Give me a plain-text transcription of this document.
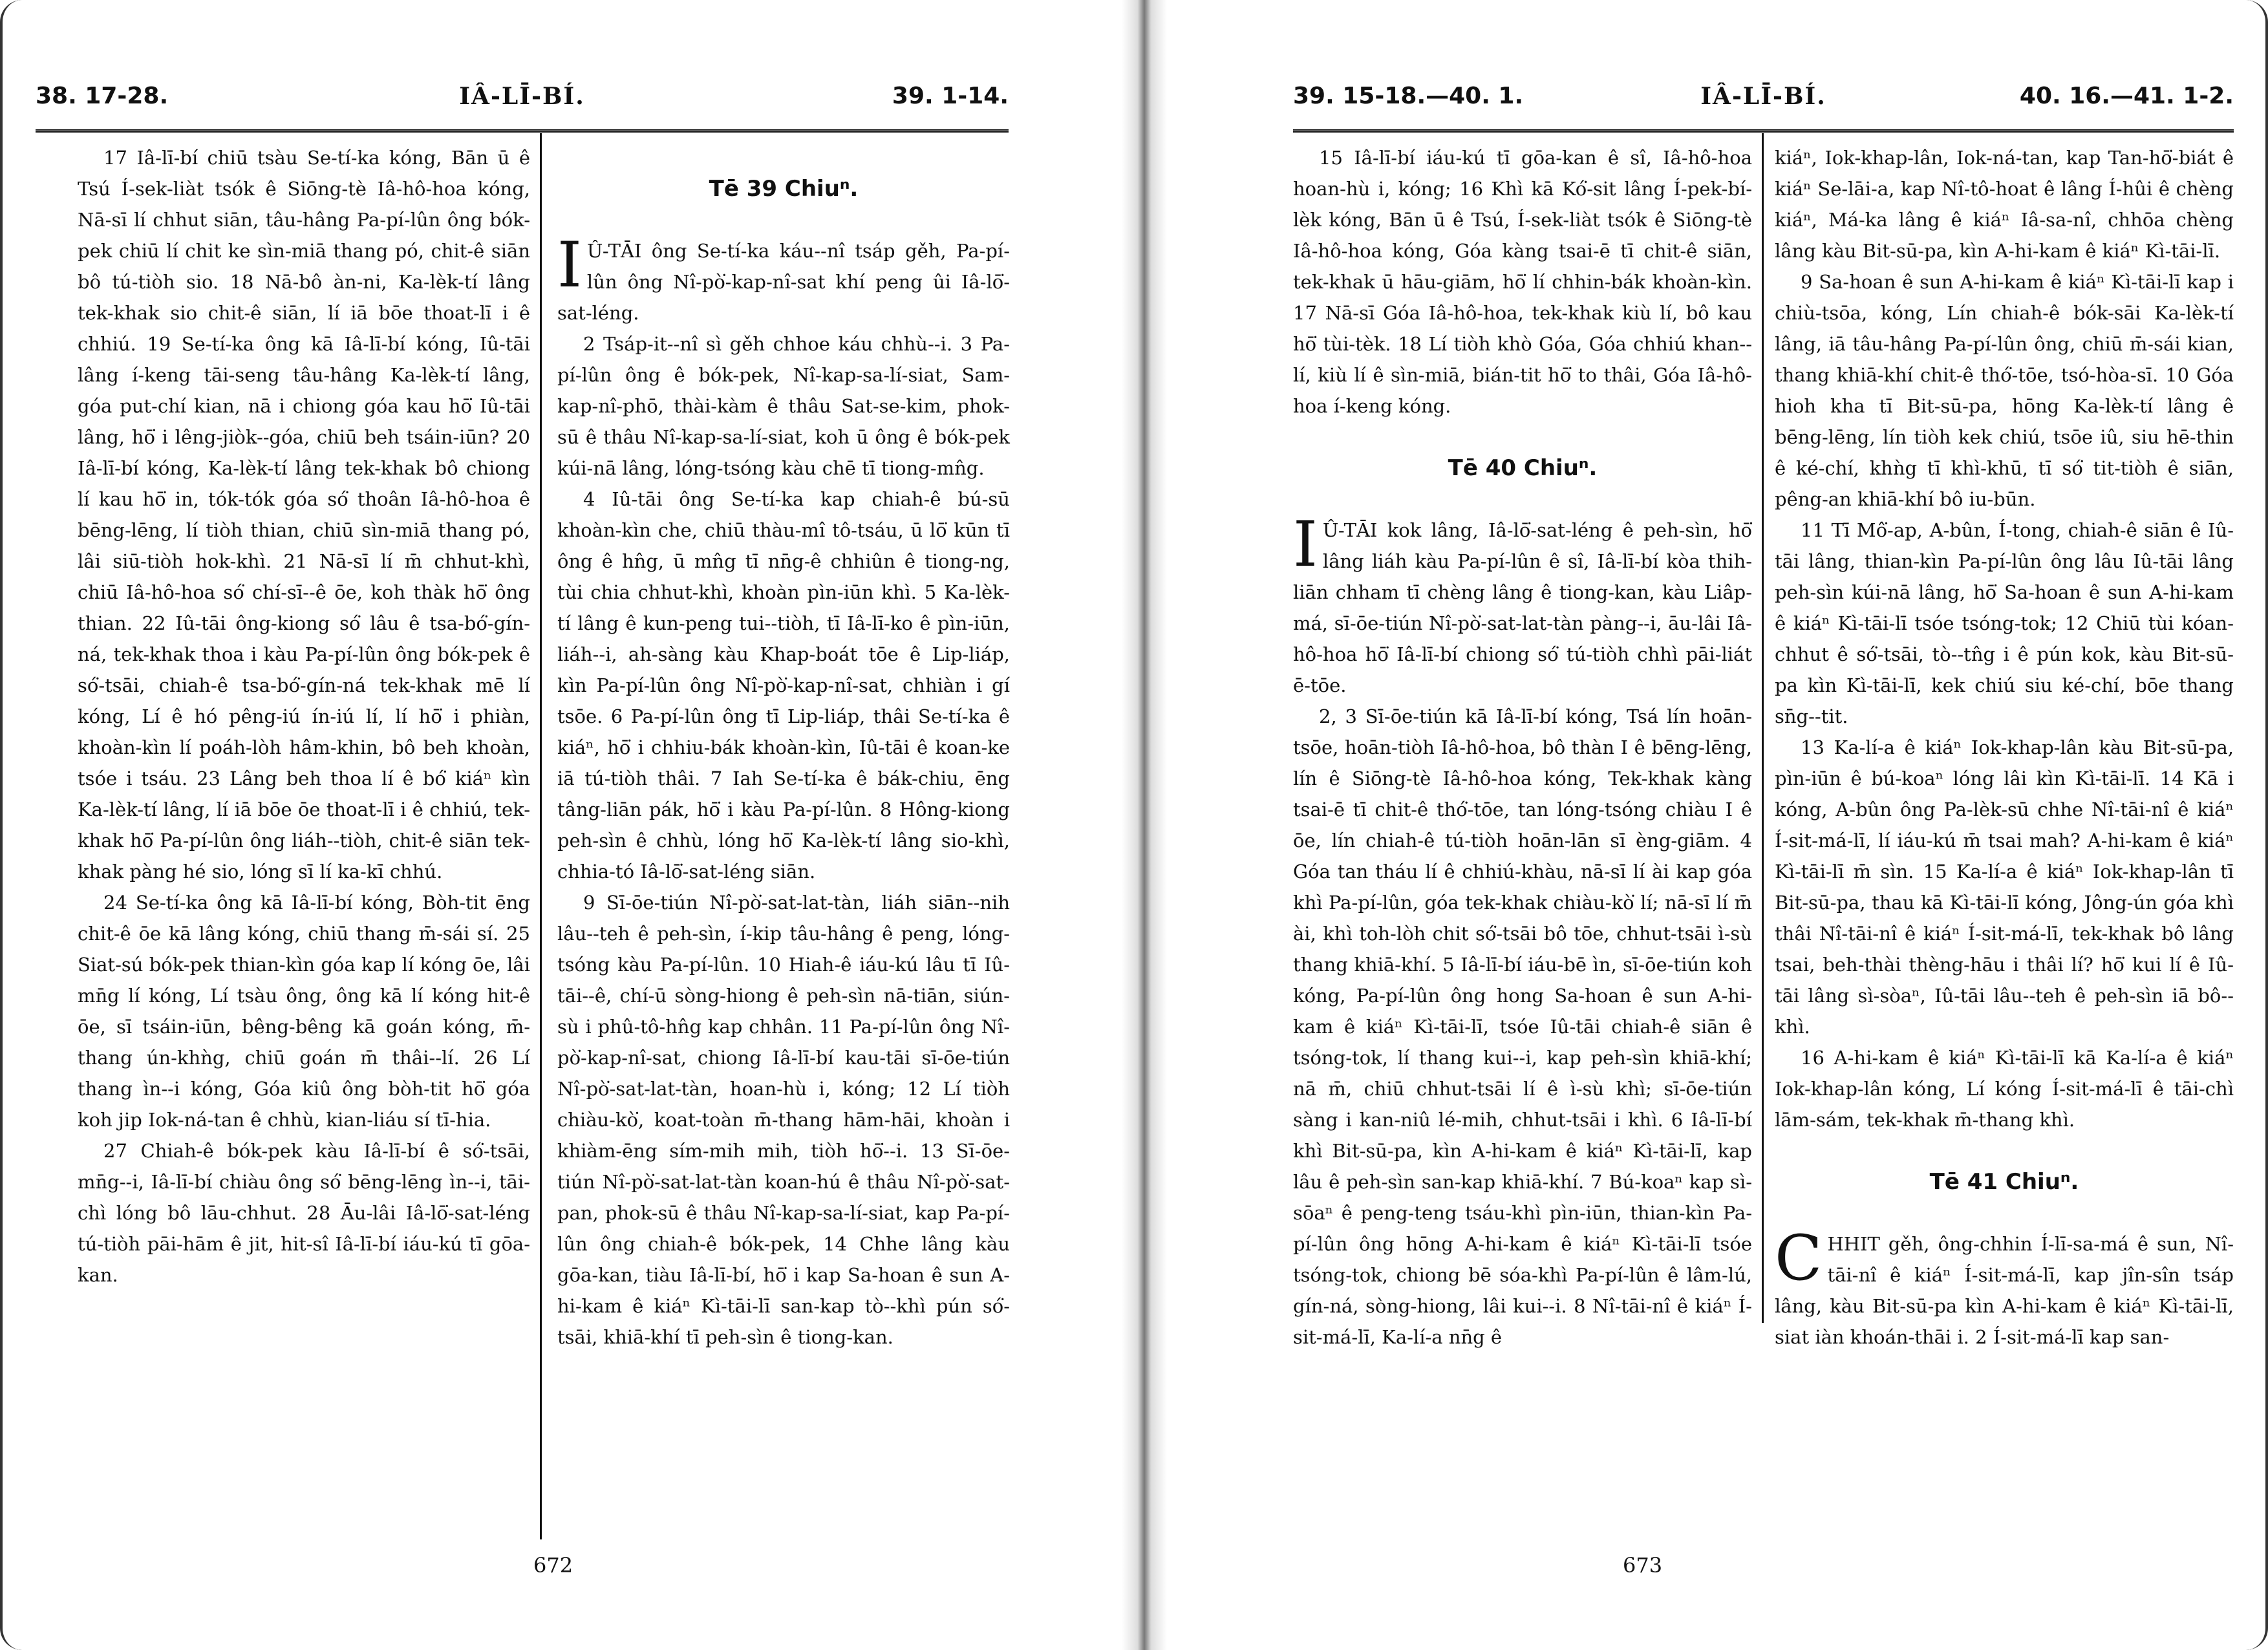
38. 17-28.	IÂ-LĪ-BÍ.	39. 1-14.

17 Iâ-lī-bí chiū tsàu Se-tí-ka kóng, Bān ū ê Tsú Í-sek-liàt tsók ê Siōng-tè Iâ-hô-hoa kóng, Nā-sī lí chhut siān, tâu-hâng Pa-pí-lûn ông bók-pek chiū lí chit ke sìn-miā thang pó, chit-ê siān bô tú-tiòh sio. 18 Nā-bô àn-ni, Ka-lèk-tí lâng tek-khak sio chit-ê siān, lí iā bōe thoat-lī i ê chhiú. 19 Se-tí-ka ông kā Iâ-lī-bí kóng, Iû-tāi lâng í-keng tāi-seng tâu-hâng Ka-lèk-tí lâng, góa put-chí kian, nā i chiong góa kau hō͘ Iû-tāi lâng, hō͘ i lêng-jiòk--góa, chiū beh tsáin-iūn? 20 Iâ-lī-bí kóng, Ka-lèk-tí lâng tek-khak bô chiong lí kau hō͘ in, tók-tók góa só͘ thoân Iâ-hô-hoa ê bēng-lēng, lí tiòh thian, chiū sìn-miā thang pó, lâi siū-tiòh hok-khì. 21 Nā-sī lí m̄ chhut-khì, chiū Iâ-hô-hoa só͘ chí-sī--ê ōe, koh thàk hō͘ ông thian. 22 Iû-tāi ông-kiong só͘ lâu ê tsa-bó͘-gín-ná, tek-khak thoa i kàu Pa-pí-lûn ông bók-pek ê só͘-tsāi, chiah-ê tsa-bó͘-gín-ná tek-khak mē lí kóng, Lí ê hó pêng-iú ín-iú lí, lí hō͘ i phiàn, khoàn-kìn lí poáh-lòh hâm-khin, bô beh khoàn, tsóe i tsáu. 23 Lâng beh thoa lí ê bó͘ kiáⁿ kìn Ka-lèk-tí lâng, lí iā bōe ōe thoat-lī i ê chhiú, tek-khak hō͘ Pa-pí-lûn ông liáh--tiòh, chit-ê siān tek-khak pàng hé sio, lóng sī lí ka-kī chhú.

24 Se-tí-ka ông kā Iâ-lī-bí kóng, Bòh-tit ēng chit-ê ōe kā lâng kóng, chiū thang m̄-sái sí. 25 Siat-sú bók-pek thian-kìn góa kap lí kóng ōe, lâi mn̄g lí kóng, Lí tsàu ông, ông kā lí kóng hit-ê ōe, sī tsáin-iūn, bêng-bêng kā goán kóng, m̄-thang ún-khǹg, chiū goán m̄ thâi--lí. 26 Lí thang ìn--i kóng, Góa kiû ông bòh-tit hō͘ góa koh jip Iok-ná-tan ê chhù, kian-liáu sí tī-hia.

27 Chiah-ê bók-pek kàu Iâ-lī-bí ê só͘-tsāi, mn̄g--i, Iâ-lī-bí chiàu ông só͘ bēng-lēng ìn--i, tāi-chì lóng bô lāu-chhut. 28 Āu-lâi Iâ-lō͘-sat-léng tú-tiòh pāi-hām ê jit, hit-sî Iâ-lī-bí iáu-kú tī gōa-kan.

Tē 39 Chiuⁿ.

I Û-TĀI ông Se-tí-ka káu--nî tsáp gěh, Pa-pí-lûn ông Nî-pò͘-kap-nî-sat khí peng ûi Iâ-lō͘-sat-léng.

2 Tsáp-it--nî sì gěh chhoe káu chhù--i. 3 Pa-pí-lûn ông ê bók-pek, Nî-kap-sa-lí-siat, Sam-kap-nî-phō, thài-kàm ê thâu Sat-se-kim, phok-sū ê thâu Nî-kap-sa-lí-siat, koh ū ông ê bók-pek kúi-nā lâng, lóng-tsóng kàu chē tī tiong-mn̂g.

4 Iû-tāi ông Se-tí-ka kap chiah-ê bú-sū khoàn-kìn che, chiū thàu-mî tô-tsáu, ū lō͘ kūn tī ông ê hn̂g, ū mn̂g tī nn̄g-ê chhiûn ê tiong-ng, tùi chia chhut-khì, khoàn pìn-iūn khì. 5 Ka-lèk-tí lâng ê kun-peng tui--tiòh, tī Iâ-lī-ko ê pìn-iūn, liáh--i, ah-sàng kàu Khap-boát tōe ê Lip-liáp, kìn Pa-pí-lûn ông Nî-pò͘-kap-nî-sat, chhiàn i gí tsōe. 6 Pa-pí-lûn ông tī Lip-liáp, thâi Se-tí-ka ê kiáⁿ, hō͘ i chhiu-bák khoàn-kìn, Iû-tāi ê koan-ke iā tú-tiòh thâi. 7 Iah Se-tí-ka ê bák-chiu, ēng tâng-liān pák, hō͘ i kàu Pa-pí-lûn. 8 Hông-kiong peh-sìn ê chhù, lóng hō͘ Ka-lèk-tí lâng sio-khì, chhia-tó Iâ-lō͘-sat-léng siān.

9 Sī-ōe-tiún Nî-pò͘-sat-lat-tàn, liáh siān--nih lâu--teh ê peh-sìn, í-kip tâu-hâng ê peng, lóng-tsóng kàu Pa-pí-lûn. 10 Hiah-ê iáu-kú lâu tī Iû-tāi--ê, chí-ū sòng-hiong ê peh-sìn nā-tiān, siún-sù i phû-tô-hn̂g kap chhân. 11 Pa-pí-lûn ông Nî-pò͘-kap-nî-sat, chiong Iâ-lī-bí kau-tāi sī-ōe-tiún Nî-pò͘-sat-lat-tàn, hoan-hù i, kóng; 12 Lí tiòh chiàu-kò͘, koat-toàn m̄-thang hām-hāi, khoàn i khiàm-ēng sím-mih mih, tiòh hō͘--i. 13 Sī-ōe-tiún Nî-pò͘-sat-lat-tàn koan-hú ê thâu Nî-pò͘-sat-pan, phok-sū ê thâu Nî-kap-sa-lí-siat, kap Pa-pí-lûn ông chiah-ê bók-pek, 14 Chhe lâng kàu gōa-kan, tiàu Iâ-lī-bí, hō͘ i kap Sa-hoan ê sun A-hi-kam ê kiáⁿ Kì-tāi-lī san-kap tò--khì pún só͘-tsāi, khiā-khí tī peh-sìn ê tiong-kan.

672
39. 15-18.—40. 1.	IÂ-LĪ-BÍ.	40. 16.—41. 1-2.

15 Iâ-lī-bí iáu-kú tī gōa-kan ê sî, Iâ-hô-hoa hoan-hù i, kóng; 16 Khì kā Kó͘-sit lâng Í-pek-bí-lèk kóng, Bān ū ê Tsú, Í-sek-liàt tsók ê Siōng-tè Iâ-hô-hoa kóng, Góa kàng tsai-ē tī chit-ê siān, tek-khak ū hāu-giām, hō͘ lí chhin-bák khoàn-kìn. 17 Nā-sī Góa Iâ-hô-hoa, tek-khak kiù lí, bô kau hō͘ tùi-tèk. 18 Lí tiòh khò Góa, Góa chhiú khan--lí, kiù lí ê sìn-miā, bián-tit hō͘ to thâi, Góa Iâ-hô-hoa í-keng kóng.

Tē 40 Chiuⁿ.

I Û-TĀI kok lâng, Iâ-lō͘-sat-léng ê peh-sìn, hō͘ lâng liáh kàu Pa-pí-lûn ê sî, Iâ-lī-bí kòa thih-liān chham tī chèng lâng ê tiong-kan, kàu Liâp-má, sī-ōe-tiún Nî-pò͘-sat-lat-tàn pàng--i, āu-lâi Iâ-hô-hoa hō͘ Iâ-lī-bí chiong só͘ tú-tiòh chhì pāi-liát ē-tōe.

2, 3 Sī-ōe-tiún kā Iâ-lī-bí kóng, Tsá lín hoān-tsōe, hoān-tiòh Iâ-hô-hoa, bô thàn I ê bēng-lēng, lín ê Siōng-tè Iâ-hô-hoa kóng, Tek-khak kàng tsai-ē tī chit-ê thó͘-tōe, tan lóng-tsóng chiàu I ê ōe, lín chiah-ê tú-tiòh hoān-lān sī èng-giām. 4 Góa tan tháu lí ê chhiú-khàu, nā-sī lí ài kap góa khì Pa-pí-lûn, góa tek-khak chiàu-kò͘ lí; nā-sī lí m̄ ài, khì toh-lòh chit só͘-tsāi bô tōe, chhut-tsāi ì-sù thang khiā-khí. 5 Iâ-lī-bí iáu-bē ìn, sī-ōe-tiún koh kóng, Pa-pí-lûn ông hong Sa-hoan ê sun A-hi-kam ê kiáⁿ Kì-tāi-lī, tsóe Iû-tāi chiah-ê siān ê tsóng-tok, lí thang kui--i, kap peh-sìn khiā-khí; nā m̄, chiū chhut-tsāi lí ê ì-sù khì; sī-ōe-tiún sàng i kan-niû lé-mih, chhut-tsāi i khì. 6 Iâ-lī-bí khì Bit-sū-pa, kìn A-hi-kam ê kiáⁿ Kì-tāi-lī, kap lâu ê peh-sìn san-kap khiā-khí. 7 Bú-koaⁿ kap sì-sōaⁿ ê peng-teng tsáu-khì pìn-iūn, thian-kìn Pa-pí-lûn ông hōng A-hi-kam ê kiáⁿ Kì-tāi-lī tsóe tsóng-tok, chiong bē sóa-khì Pa-pí-lûn ê lâm-lú, gín-ná, sòng-hiong, lâi kui--i. 8 Nî-tāi-nî ê kiáⁿ Í-sit-má-lī, Ka-lí-a nn̄g ê

kiáⁿ, Iok-khap-lân, Iok-ná-tan, kap Tan-hō͘-biát ê kiáⁿ Se-lāi-a, kap Nî-tô-hoat ê lâng Í-hûi ê chèng kiáⁿ, Má-ka lâng ê kiáⁿ Iâ-sa-nî, chhōa chèng lâng kàu Bit-sū-pa, kìn A-hi-kam ê kiáⁿ Kì-tāi-lī.

9 Sa-hoan ê sun A-hi-kam ê kiáⁿ Kì-tāi-lī kap i chiù-tsōa, kóng, Lín chiah-ê bók-sāi Ka-lèk-tí lâng, iā tâu-hâng Pa-pí-lûn ông, chiū m̄-sái kian, thang khiā-khí chit-ê thó͘-tōe, tsó-hòa-sī. 10 Góa hioh kha tī Bit-sū-pa, hōng Ka-lèk-tí lâng ê bēng-lēng, lín tiòh kek chiú, tsōe iû, siu hē-thin ê ké-chí, khǹg tī khì-khū, tī só͘ tit-tiòh ê siān, pêng-an khiā-khí bô iu-būn.

11 Tī Mô͘-ap, A-bûn, Í-tong, chiah-ê siān ê Iû-tāi lâng, thian-kìn Pa-pí-lûn ông lâu Iû-tāi lâng peh-sìn kúi-nā lâng, hō͘ Sa-hoan ê sun A-hi-kam ê kiáⁿ Kì-tāi-lī tsóe tsóng-tok; 12 Chiū tùi kóan-chhut ê só͘-tsāi, tò--tn̂g i ê pún kok, kàu Bit-sū-pa kìn Kì-tāi-lī, kek chiú siu ké-chí, bōe thang sn̄g--tit.

13 Ka-lí-a ê kiáⁿ Iok-khap-lân kàu Bit-sū-pa, pìn-iūn ê bú-koaⁿ lóng lâi kìn Kì-tāi-lī. 14 Kā i kóng, A-bûn ông Pa-lèk-sū chhe Nî-tāi-nî ê kiáⁿ Í-sit-má-lī, lí iáu-kú m̄ tsai mah? A-hi-kam ê kiáⁿ Kì-tāi-lī m̄ sìn. 15 Ka-lí-a ê kiáⁿ Iok-khap-lân tī Bit-sū-pa, thau kā Kì-tāi-lī kóng, Jông-ún góa khì thâi Nî-tāi-nî ê kiáⁿ Í-sit-má-lī, tek-khak bô lâng tsai, beh-thài thèng-hāu i thâi lí? hō͘ kui lí ê Iû-tāi lâng sì-sòaⁿ, Iû-tāi lâu--teh ê peh-sìn iā bô--khì.

16 A-hi-kam ê kiáⁿ Kì-tāi-lī kā Ka-lí-a ê kiáⁿ Iok-khap-lân kóng, Lí kóng Í-sit-má-lī ê tāi-chì lām-sám, tek-khak m̄-thang khì.

Tē 41 Chiuⁿ.

CHHIT gěh, ông-chhin Í-lī-sa-má ê sun, Nî-tāi-nî ê kiáⁿ Í-sit-má-lī, kap jîn-sîn tsáp lâng, kàu Bit-sū-pa kìn A-hi-kam ê kiáⁿ Kì-tāi-lī, siat iàn khoán-thāi i. 2 Í-sit-má-lī kap san-

673
